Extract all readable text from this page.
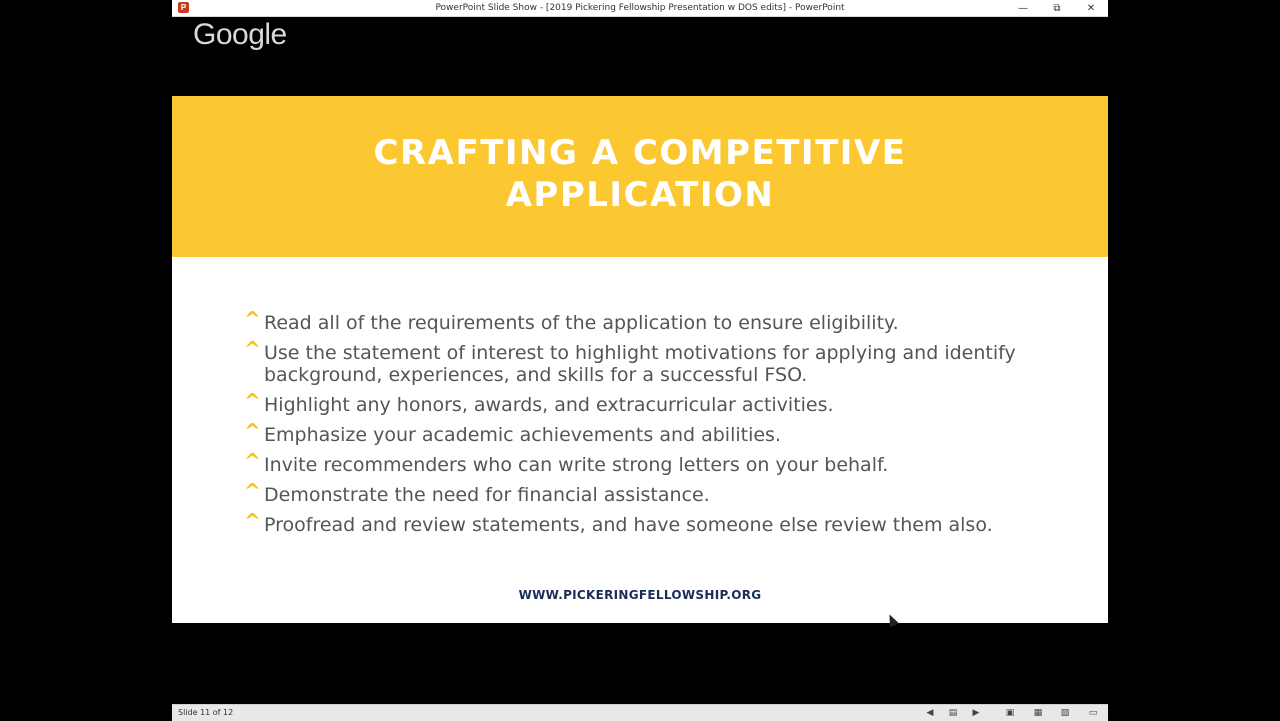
P	PowerPoint Slide Show - [2019 Pickering Fellowship Presentation w DOS edits] - PowerPoint	—	⧉	✕
Google
CRAFTING A COMPETITIVE
APPLICATION
^ Read all of the requirements of the application to ensure eligibility.
^ Use the statement of interest to highlight motivations for applying and identify background, experiences, and skills for a successful FSO.
^ Highlight any honors, awards, and extracurricular activities.
^ Emphasize your academic achievements and abilities.
^ Invite recommenders who can write strong letters on your behalf.
^ Demonstrate the need for financial assistance.
^ Proofread and review statements, and have someone else review them also.
WWW.PICKERINGFELLOWSHIP.ORG
Slide 11 of 12	◀ ▤ ▶	▣ ▦ ▧ ▭
